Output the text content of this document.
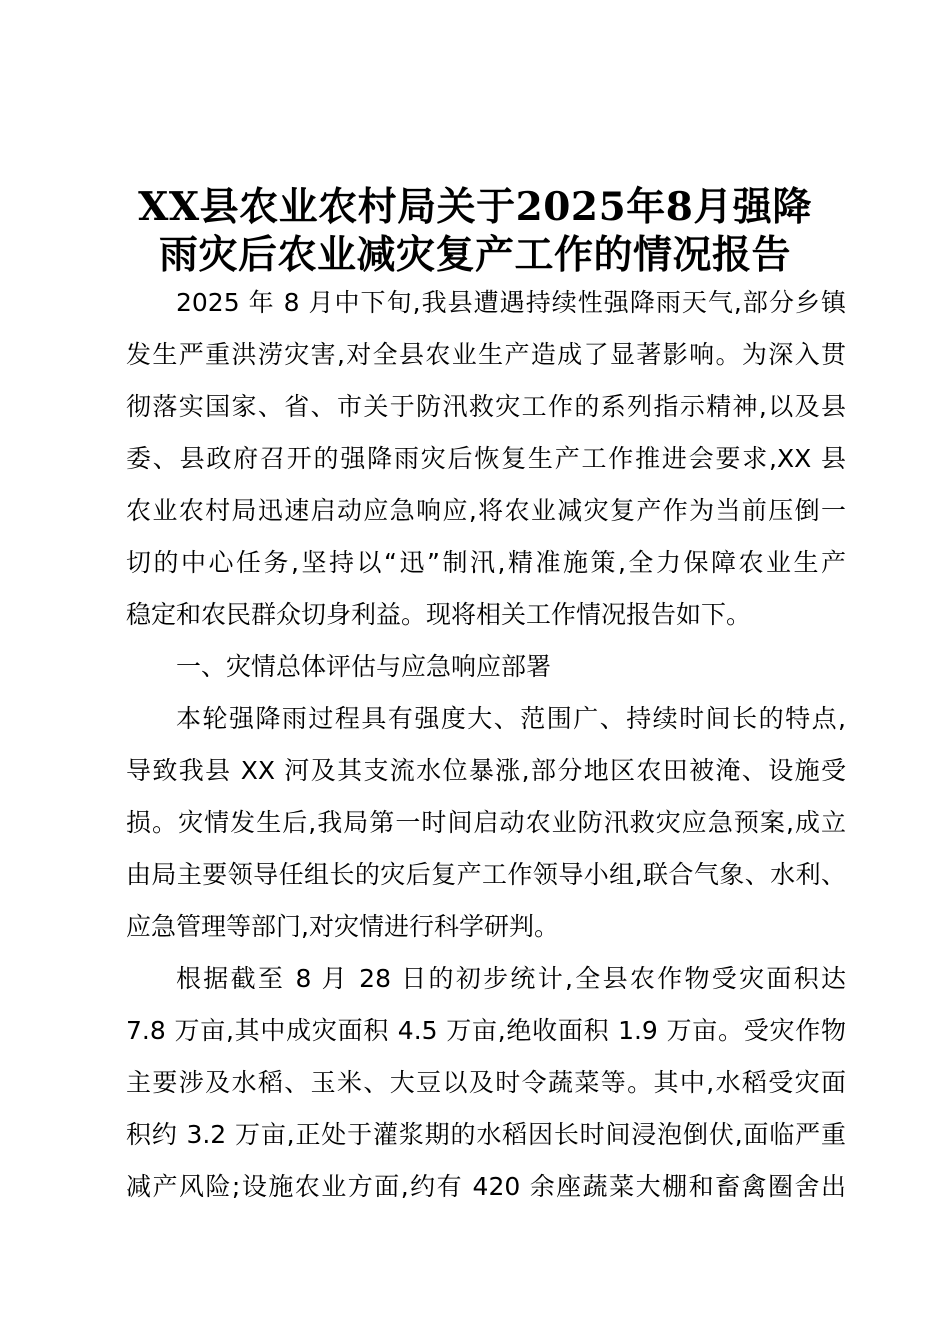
XX县农业农村局关于2025年8月强降
雨灾后农业减灾复产工作的情况报告

2025 年 8 月中下旬,我县遭遇持续性强降雨天气,部分乡镇

发生严重洪涝灾害,对全县农业生产造成了显著影响。为深入贯

彻落实国家、省、市关于防汛救灾工作的系列指示精神,以及县

委、县政府召开的强降雨灾后恢复生产工作推进会要求,XX 县

农业农村局迅速启动应急响应,将农业减灾复产作为当前压倒一

切的中心任务,坚持以“迅”制汛,精准施策,全力保障农业生产

稳定和农民群众切身利益。现将相关工作情况报告如下。

一、灾情总体评估与应急响应部署

本轮强降雨过程具有强度大、范围广、持续时间长的特点,

导致我县 XX 河及其支流水位暴涨,部分地区农田被淹、设施受

损。灾情发生后,我局第一时间启动农业防汛救灾应急预案,成立

由局主要领导任组长的灾后复产工作领导小组,联合气象、水利、

应急管理等部门,对灾情进行科学研判。

根据截至 8 月 28 日的初步统计,全县农作物受灾面积达

7.8 万亩,其中成灾面积 4.5 万亩,绝收面积 1.9 万亩。受灾作物

主要涉及水稻、玉米、大豆以及时令蔬菜等。其中,水稻受灾面

积约 3.2 万亩,正处于灌浆期的水稻因长时间浸泡倒伏,面临严重

减产风险;设施农业方面,约有 420 余座蔬菜大棚和畜禽圈舍出
